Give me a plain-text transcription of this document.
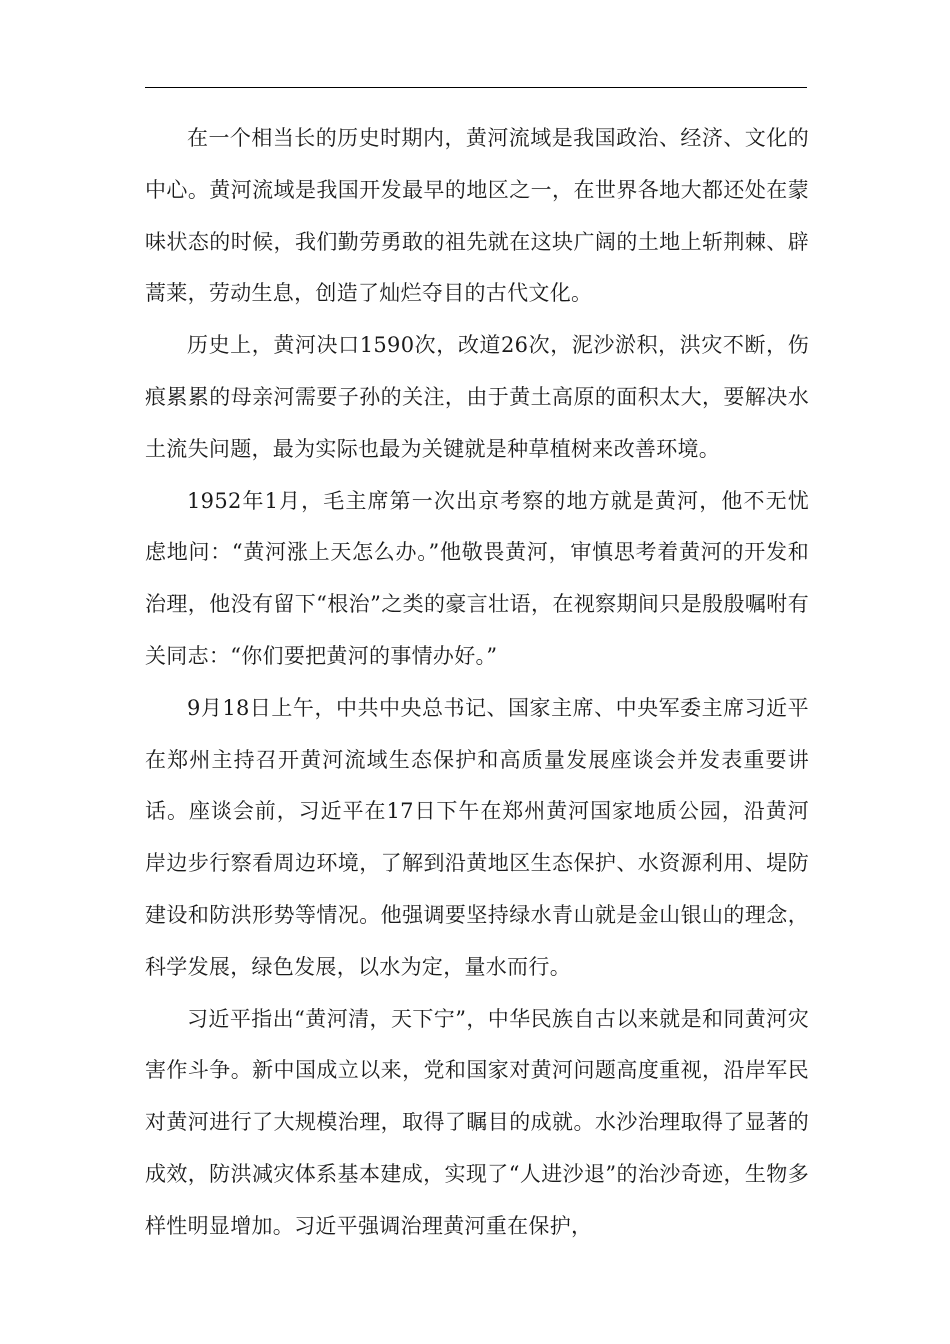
在一个相当长的历史时期内，黄河流域是我国政治、经济、文化的中心。黄河流域是我国开发最早的地区之一，在世界各地大都还处在蒙味状态的时候，我们勤劳勇敢的祖先就在这块广阔的土地上斩荆棘、辟蒿莱，劳动生息，创造了灿烂夺目的古代文化。

历史上，黄河决口1590次，改道26次，泥沙淤积，洪灾不断，伤痕累累的母亲河需要子孙的关注，由于黄土高原的面积太大，要解决水土流失问题，最为实际也最为关键就是种草植树来改善环境。

1952年1月，毛主席第一次出京考察的地方就是黄河，他不无忧虑地问：“黄河涨上天怎么办。”他敬畏黄河，审慎思考着黄河的开发和治理，他没有留下“根治”之类的豪言壮语，在视察期间只是殷殷嘱咐有关同志：“你们要把黄河的事情办好。”

9月18日上午，中共中央总书记、国家主席、中央军委主席习近平在郑州主持召开黄河流域生态保护和高质量发展座谈会并发表重要讲话。座谈会前，习近平在17日下午在郑州黄河国家地质公园，沿黄河岸边步行察看周边环境，了解到沿黄地区生态保护、水资源利用、堤防建设和防洪形势等情况。他强调要坚持绿水青山就是金山银山的理念，科学发展，绿色发展，以水为定，量水而行。

习近平指出“黄河清，天下宁”，中华民族自古以来就是和同黄河灾害作斗争。新中国成立以来，党和国家对黄河问题高度重视，沿岸军民对黄河进行了大规模治理，取得了瞩目的成就。水沙治理取得了显著的成效，防洪减灾体系基本建成，实现了“人进沙退”的治沙奇迹，生物多样性明显增加。习近平强调治理黄河重在保护，
